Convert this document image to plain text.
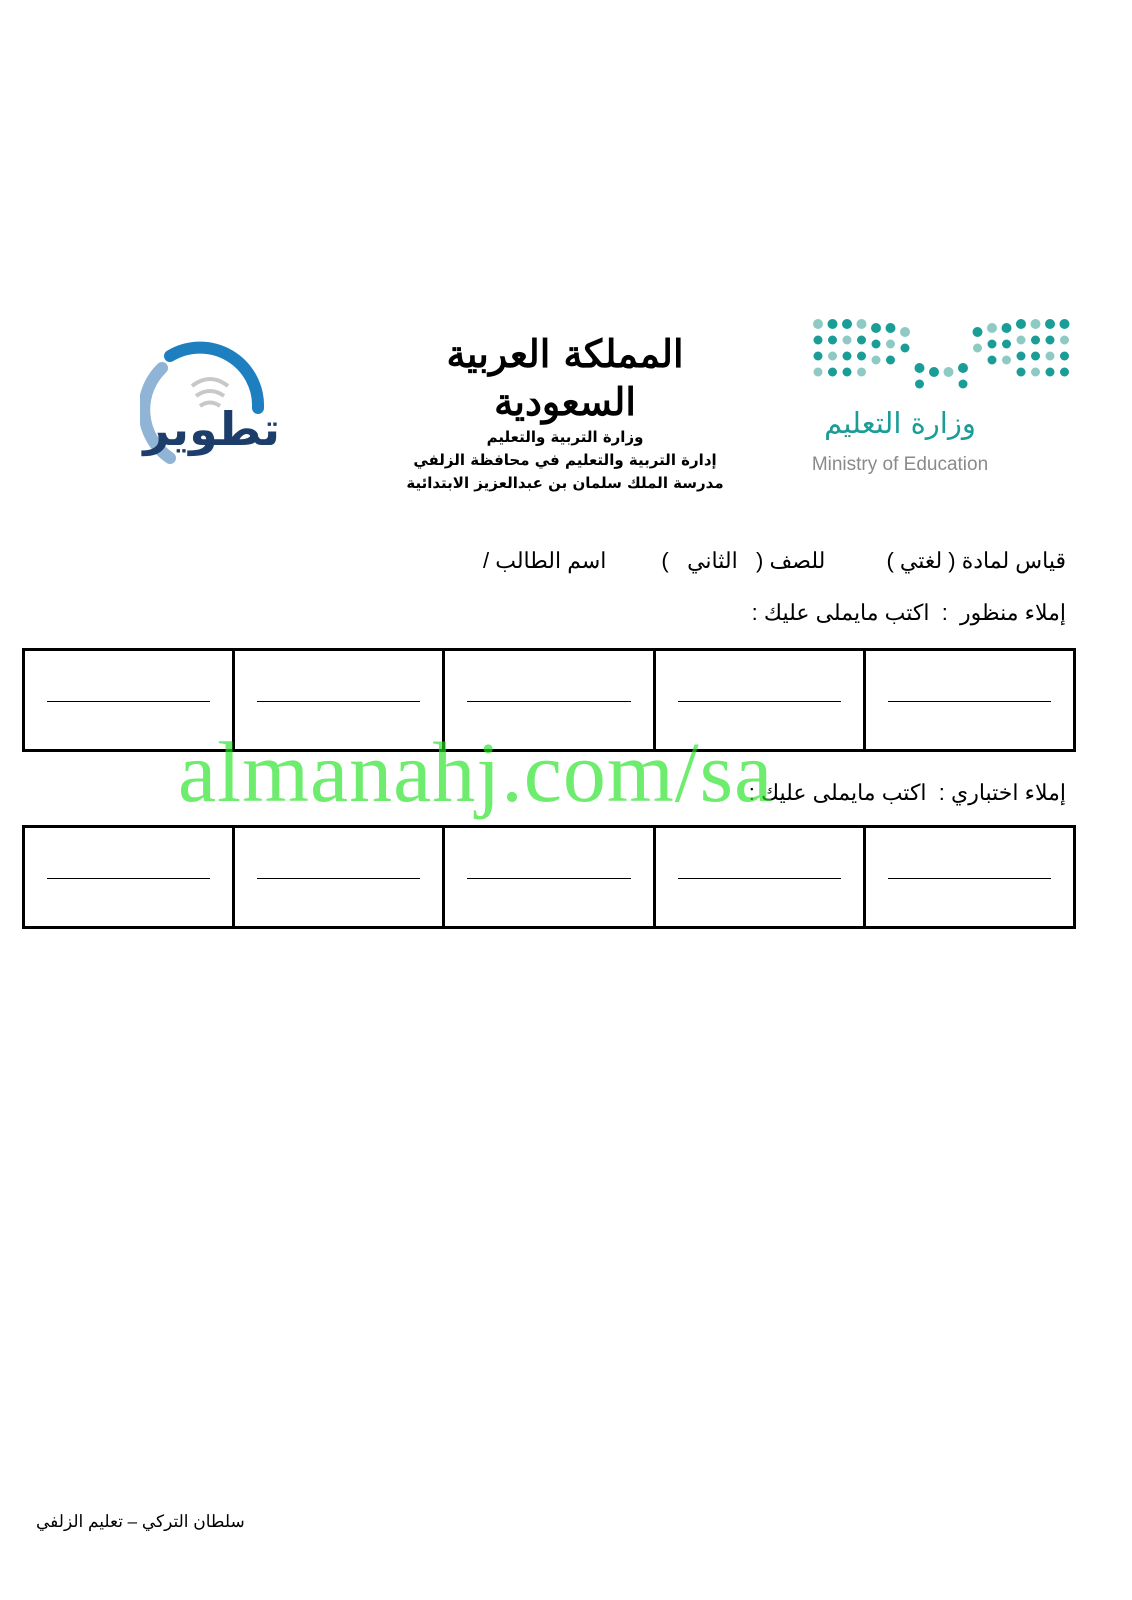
وزارة التعليم
Ministry of Education
المملكة العربية السعودية
وزارة التربية والتعليم
إدارة التربية والتعليم في محافظة الزلفي
مدرسة الملك سلمان بن عبدالعزيز الابتدائية
تطوير
قياس لمادة ( لغتي )          للصف (   الثاني   )         اسم الطالب /
إملاء منظور  :  اكتب مايملى عليك :
إملاء اختباري :  اكتب مايملى عليك :
almanahj.com/sa
سلطان التركي – تعليم الزلفي
